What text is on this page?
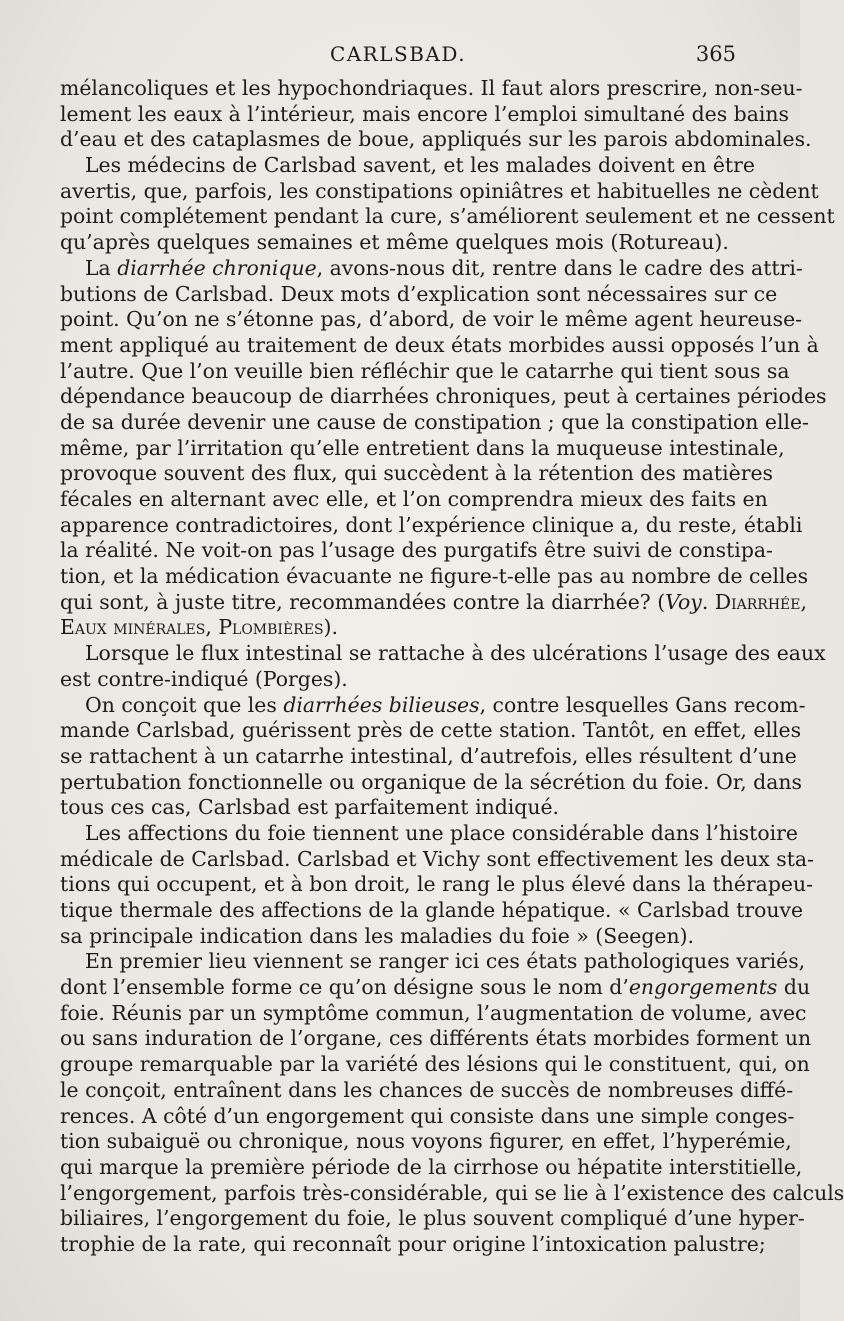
CARLSBAD.	365
mélancoliques et les hypochondriaques. Il faut alors prescrire, non-seu-
lement les eaux à l’intérieur, mais encore l’emploi simultané des bains
d’eau et des cataplasmes de boue, appliqués sur les parois abdominales.
Les médecins de Carlsbad savent, et les malades doivent en être
avertis, que, parfois, les constipations opiniâtres et habituelles ne cèdent
point complétement pendant la cure, s’améliorent seulement et ne cessent
qu’après quelques semaines et même quelques mois (Rotureau).
La diarrhée chronique, avons-nous dit, rentre dans le cadre des attri-
butions de Carlsbad. Deux mots d’explication sont nécessaires sur ce
point. Qu’on ne s’étonne pas, d’abord, de voir le même agent heureuse-
ment appliqué au traitement de deux états morbides aussi opposés l’un à
l’autre. Que l’on veuille bien réfléchir que le catarrhe qui tient sous sa
dépendance beaucoup de diarrhées chroniques, peut à certaines périodes
de sa durée devenir une cause de constipation ; que la constipation elle-
même, par l’irritation qu’elle entretient dans la muqueuse intestinale,
provoque souvent des flux, qui succèdent à la rétention des matières
fécales en alternant avec elle, et l’on comprendra mieux des faits en
apparence contradictoires, dont l’expérience clinique a, du reste, établi
la réalité. Ne voit-on pas l’usage des purgatifs être suivi de constipa-
tion, et la médication évacuante ne figure-t-elle pas au nombre de celles
qui sont, à juste titre, recommandées contre la diarrhée? (Voy. Diarrhée,
Eaux minérales, Plombières).
Lorsque le flux intestinal se rattache à des ulcérations l’usage des eaux
est contre-indiqué (Porges).
On conçoit que les diarrhées bilieuses, contre lesquelles Gans recom-
mande Carlsbad, guérissent près de cette station. Tantôt, en effet, elles
se rattachent à un catarrhe intestinal, d’autrefois, elles résultent d’une
pertubation fonctionnelle ou organique de la sécrétion du foie. Or, dans
tous ces cas, Carlsbad est parfaitement indiqué.
Les affections du foie tiennent une place considérable dans l’histoire
médicale de Carlsbad. Carlsbad et Vichy sont effectivement les deux sta-
tions qui occupent, et à bon droit, le rang le plus élevé dans la thérapeu-
tique thermale des affections de la glande hépatique. « Carlsbad trouve
sa principale indication dans les maladies du foie » (Seegen).
En premier lieu viennent se ranger ici ces états pathologiques variés,
dont l’ensemble forme ce qu’on désigne sous le nom d’engorgements du
foie. Réunis par un symptôme commun, l’augmentation de volume, avec
ou sans induration de l’organe, ces différents états morbides forment un
groupe remarquable par la variété des lésions qui le constituent, qui, on
le conçoit, entraînent dans les chances de succès de nombreuses diffé-
rences. A côté d’un engorgement qui consiste dans une simple conges-
tion subaiguë ou chronique, nous voyons figurer, en effet, l’hyperémie,
qui marque la première période de la cirrhose ou hépatite interstitielle,
l’engorgement, parfois très-considérable, qui se lie à l’existence des calculs
biliaires, l’engorgement du foie, le plus souvent compliqué d’une hyper-
trophie de la rate, qui reconnaît pour origine l’intoxication palustre;
